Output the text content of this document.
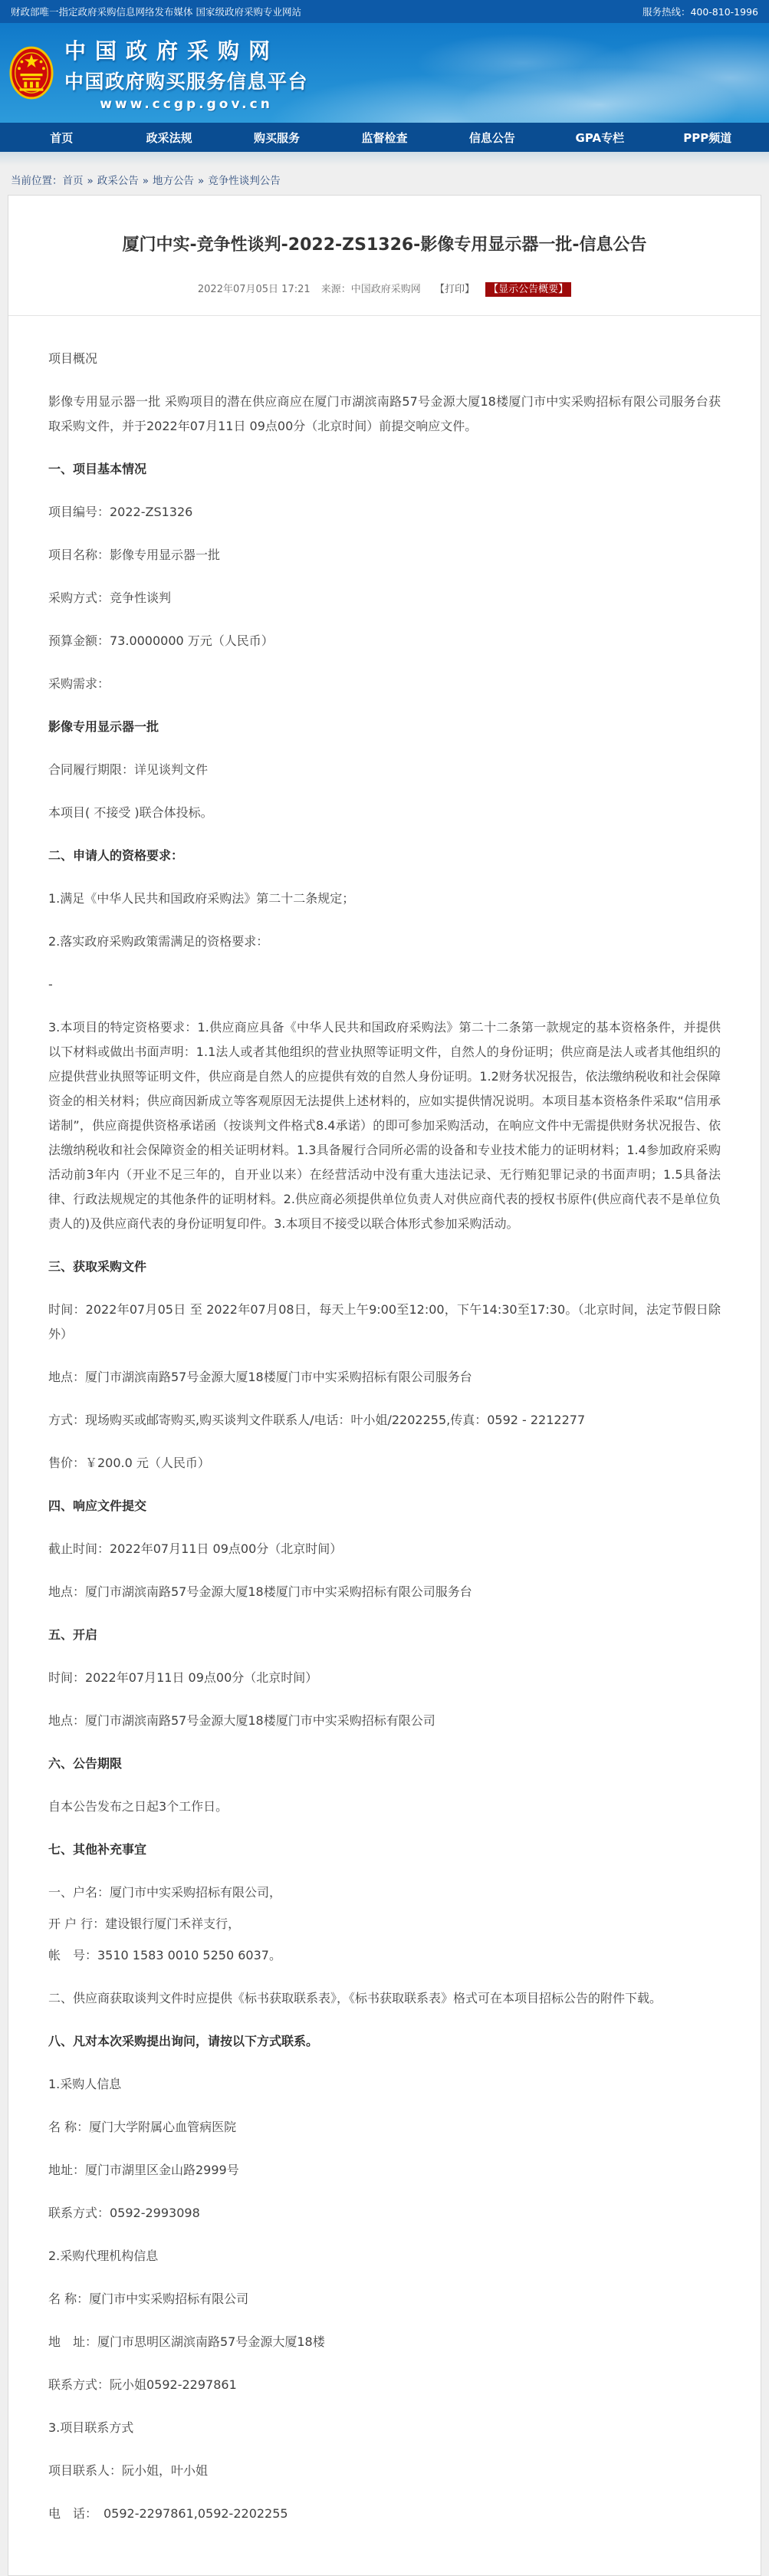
财政部唯一指定政府采购信息网络发布媒体 国家级政府采购专业网站	服务热线：400-810-1996
中国政府采购网
中国政府购买服务信息平台
www.ccgp.gov.cn
首页	政采法规	购买服务	监督检查	信息公告	GPA专栏	PPP频道
当前位置：首页 » 政采公告 » 地方公告 » 竞争性谈判公告
厦门中实-竞争性谈判-2022-ZS1326-影像专用显示器一批-信息公告
2022年07月05日 17:21 来源：中国政府采购网 【打印】 【显示公告概要】

项目概况

影像专用显示器一批 采购项目的潜在供应商应在厦门市湖滨南路57号金源大厦18楼厦门市中实采购招标有限公司服务台获取采购文件，并于2022年07月11日 09点00分（北京时间）前提交响应文件。

一、项目基本情况

项目编号：2022-ZS1326

项目名称：影像专用显示器一批

采购方式：竞争性谈判

预算金额：73.0000000 万元（人民币）

采购需求：

影像专用显示器一批

合同履行期限：详见谈判文件

本项目( 不接受 )联合体投标。

二、申请人的资格要求：

1.满足《中华人民共和国政府采购法》第二十二条规定；

2.落实政府采购政策需满足的资格要求：

-

3.本项目的特定资格要求：1.供应商应具备《中华人民共和国政府采购法》第二十二条第一款规定的基本资格条件，并提供以下材料或做出书面声明：1.1法人或者其他组织的营业执照等证明文件，自然人的身份证明；供应商是法人或者其他组织的应提供营业执照等证明文件，供应商是自然人的应提供有效的自然人身份证明。1.2财务状况报告，依法缴纳税收和社会保障资金的相关材料；供应商因新成立等客观原因无法提供上述材料的，应如实提供情况说明。本项目基本资格条件采取“信用承诺制”，供应商提供资格承诺函（按谈判文件格式8.4承诺）的即可参加采购活动，在响应文件中无需提供财务状况报告、依法缴纳税收和社会保障资金的相关证明材料。1.3具备履行合同所必需的设备和专业技术能力的证明材料；1.4参加政府采购活动前3年内（开业不足三年的，自开业以来）在经营活动中没有重大违法记录、无行贿犯罪记录的书面声明；1.5具备法律、行政法规规定的其他条件的证明材料。2.供应商必须提供单位负责人对供应商代表的授权书原件(供应商代表不是单位负责人的)及供应商代表的身份证明复印件。3.本项目不接受以联合体形式参加采购活动。

三、获取采购文件

时间：2022年07月05日 至 2022年07月08日，每天上午9:00至12:00，下午14:30至17:30。（北京时间，法定节假日除外）

地点：厦门市湖滨南路57号金源大厦18楼厦门市中实采购招标有限公司服务台

方式：现场购买或邮寄购买,购买谈判文件联系人/电话：叶小姐/2202255,传真：0592 - 2212277

售价：￥200.0 元（人民币）

四、响应文件提交

截止时间：2022年07月11日 09点00分（北京时间）

地点：厦门市湖滨南路57号金源大厦18楼厦门市中实采购招标有限公司服务台

五、开启

时间：2022年07月11日 09点00分（北京时间）

地点：厦门市湖滨南路57号金源大厦18楼厦门市中实采购招标有限公司

六、公告期限

自本公告发布之日起3个工作日。

七、其他补充事宜

一、户名：厦门市中实采购招标有限公司，

开 户 行：建设银行厦门禾祥支行，

帐　号：3510 1583 0010 5250 6037。

二、供应商获取谈判文件时应提供《标书获取联系表》，《标书获取联系表》格式可在本项目招标公告的附件下载。

八、凡对本次采购提出询问，请按以下方式联系。

1.采购人信息

名 称：厦门大学附属心血管病医院

地址：厦门市湖里区金山路2999号

联系方式：0592-2993098

2.采购代理机构信息

名 称：厦门市中实采购招标有限公司

地　址：厦门市思明区湖滨南路57号金源大厦18楼

联系方式：阮小姐0592-2297861

3.项目联系方式

项目联系人：阮小姐，叶小姐

电　话：　0592-2297861,0592-2202255
